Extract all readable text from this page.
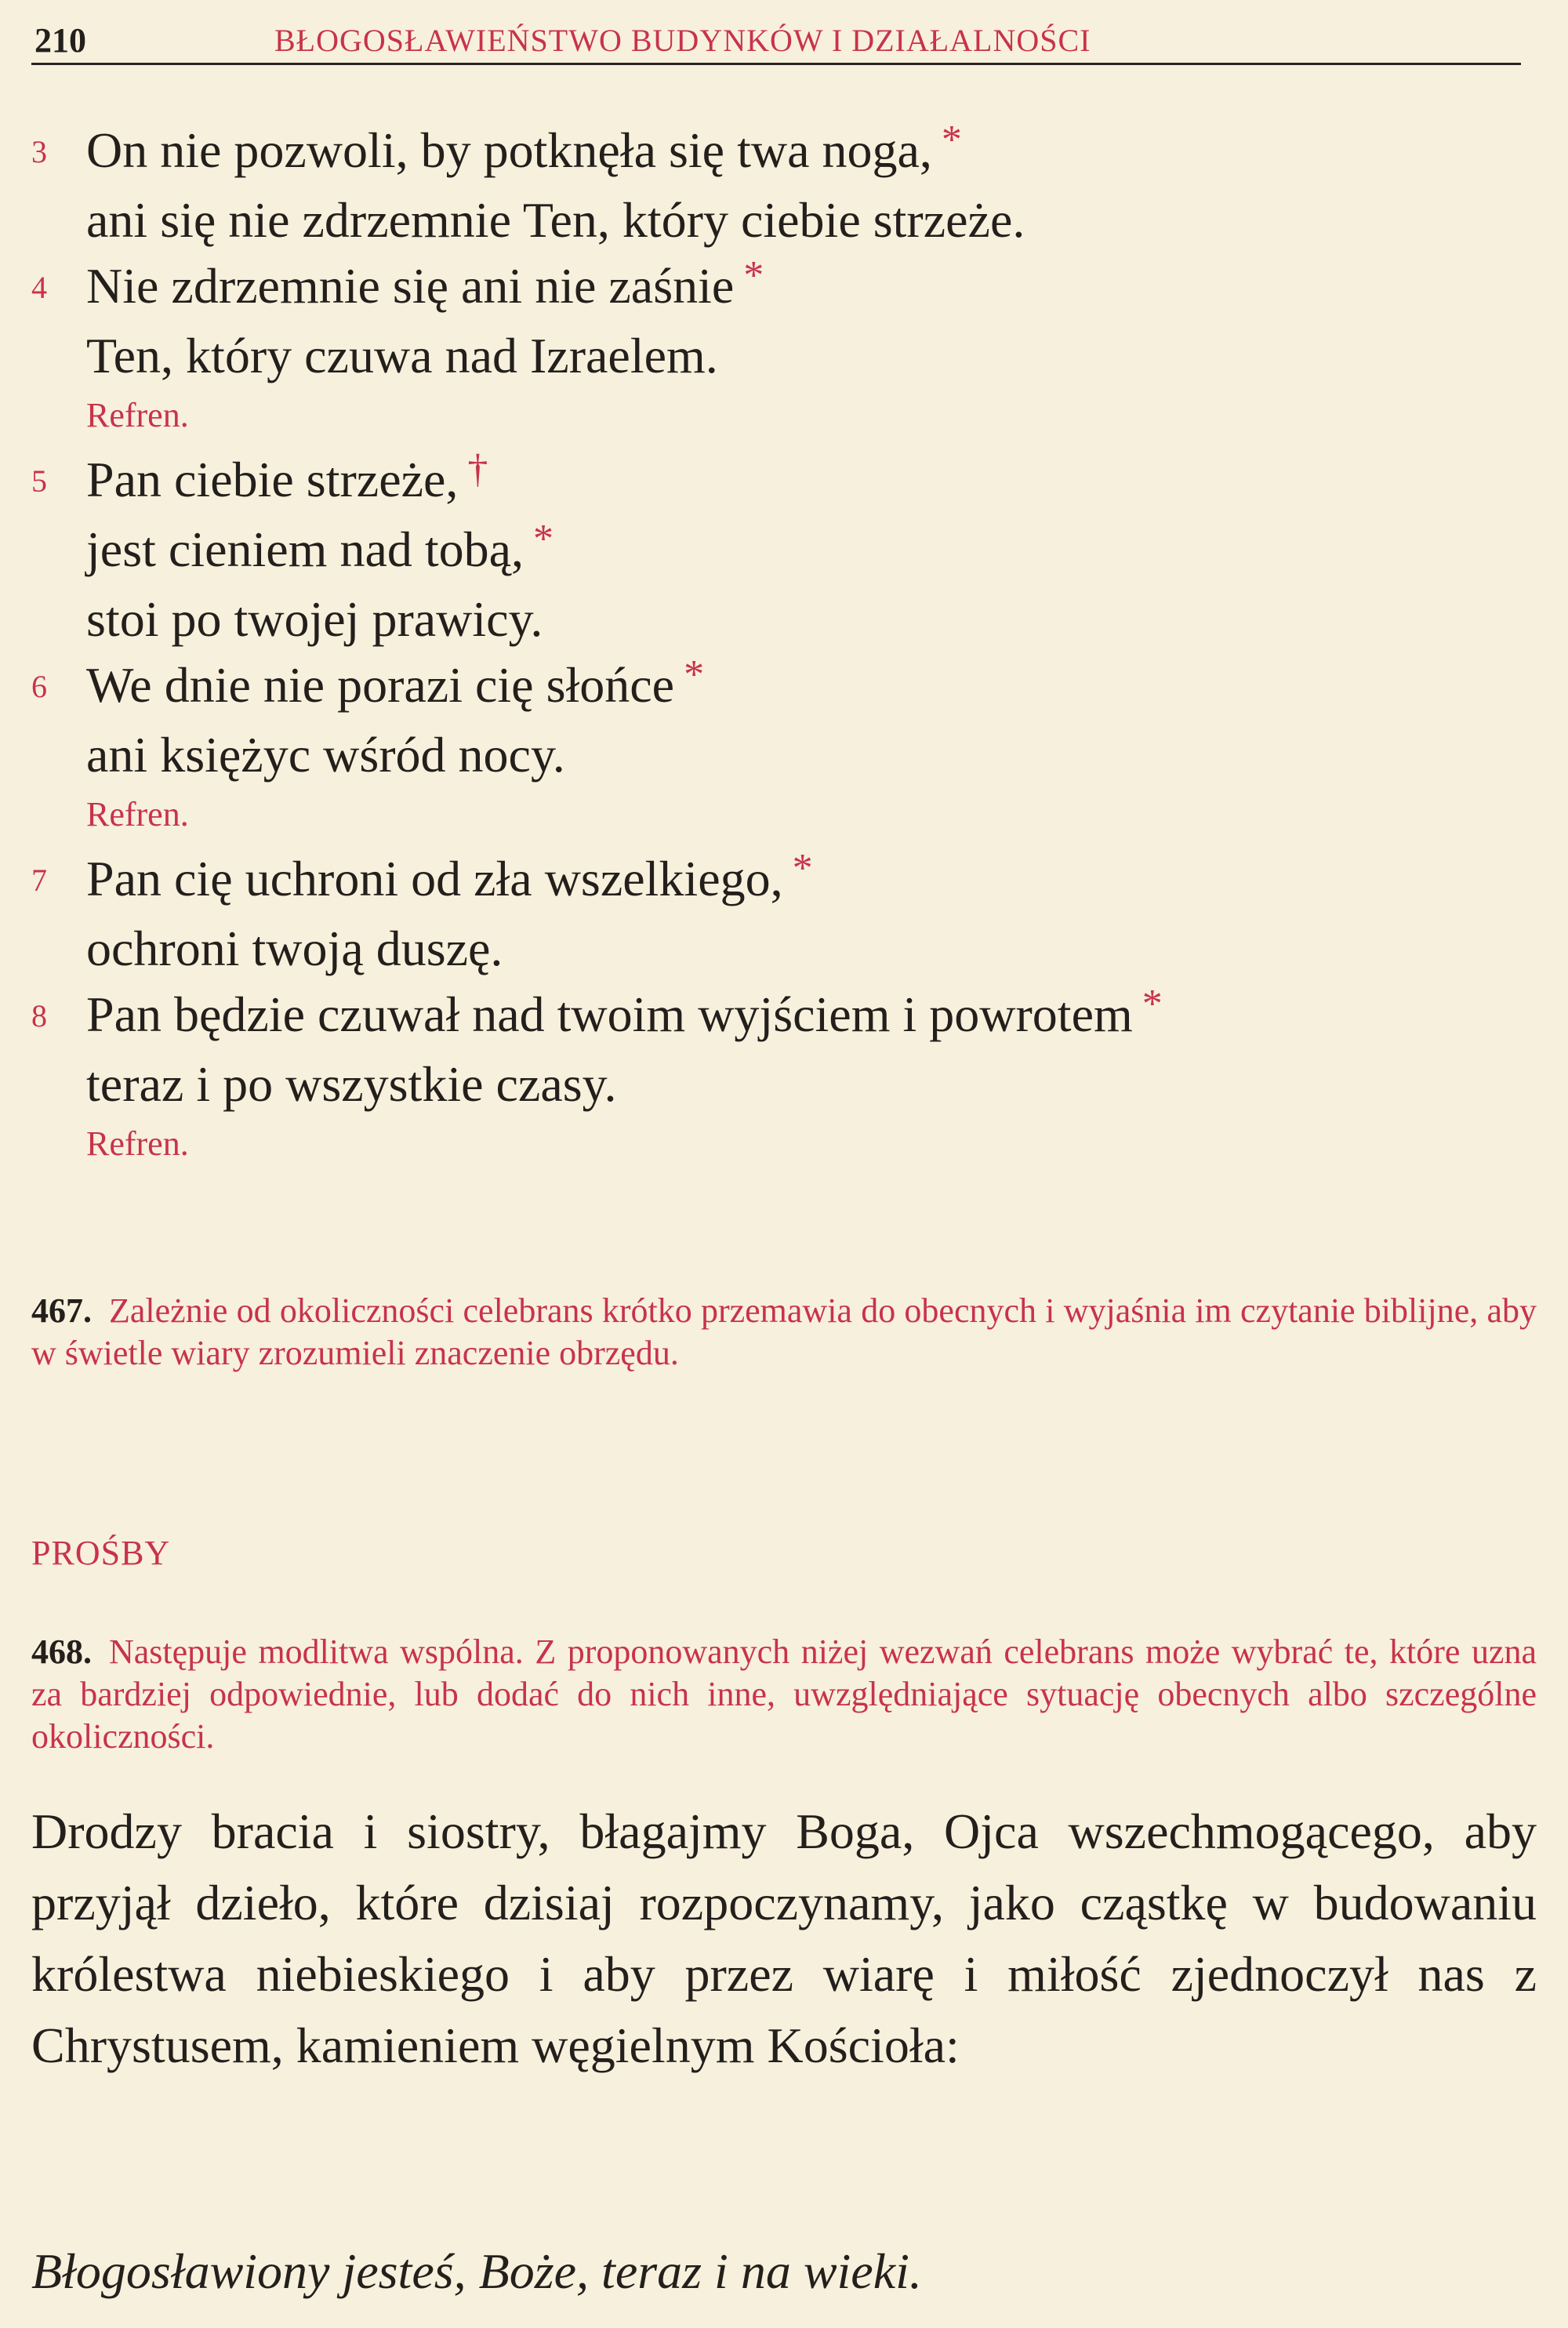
210	BŁOGOSŁAWIEŃSTWO BUDYNKÓW I DZIAŁALNOŚCI
3 On nie pozwoli, by potknęła się twa noga, *
ani się nie zdrzemnie Ten, który ciebie strzeże.
4 Nie zdrzemnie się ani nie zaśnie *
Ten, który czuwa nad Izraelem.
Refren.
5 Pan ciebie strzeże, †
jest cieniem nad tobą, *
stoi po twojej prawicy.
6 We dnie nie porazi cię słońce *
ani księżyc wśród nocy.
Refren.
7 Pan cię uchroni od zła wszelkiego, *
ochroni twoją duszę.
8 Pan będzie czuwał nad twoim wyjściem i powrotem *
teraz i po wszystkie czasy.
Refren.
467. Zależnie od okoliczności celebrans krótko przemawia do obecnych i wyjaśnia im czytanie biblijne, aby w świetle wiary zrozumieli znaczenie obrzędu.
PROŚBY
468. Następuje modlitwa wspólna. Z proponowanych niżej wezwań celebrans może wybrać te, które uzna za bardziej odpowiednie, lub dodać do nich inne, uwzględniające sytuację obecnych albo szczególne okoliczności.
Drodzy bracia i siostry, błagajmy Boga, Ojca wszechmogącego, aby przyjął dzieło, które dzisiaj rozpoczynamy, jako cząstkę w budowaniu królestwa niebieskiego i aby przez wiarę i miłość zjednoczył nas z Chrystusem, kamieniem węgielnym Kościoła:
Błogosławiony jesteś, Boże, teraz i na wieki.
